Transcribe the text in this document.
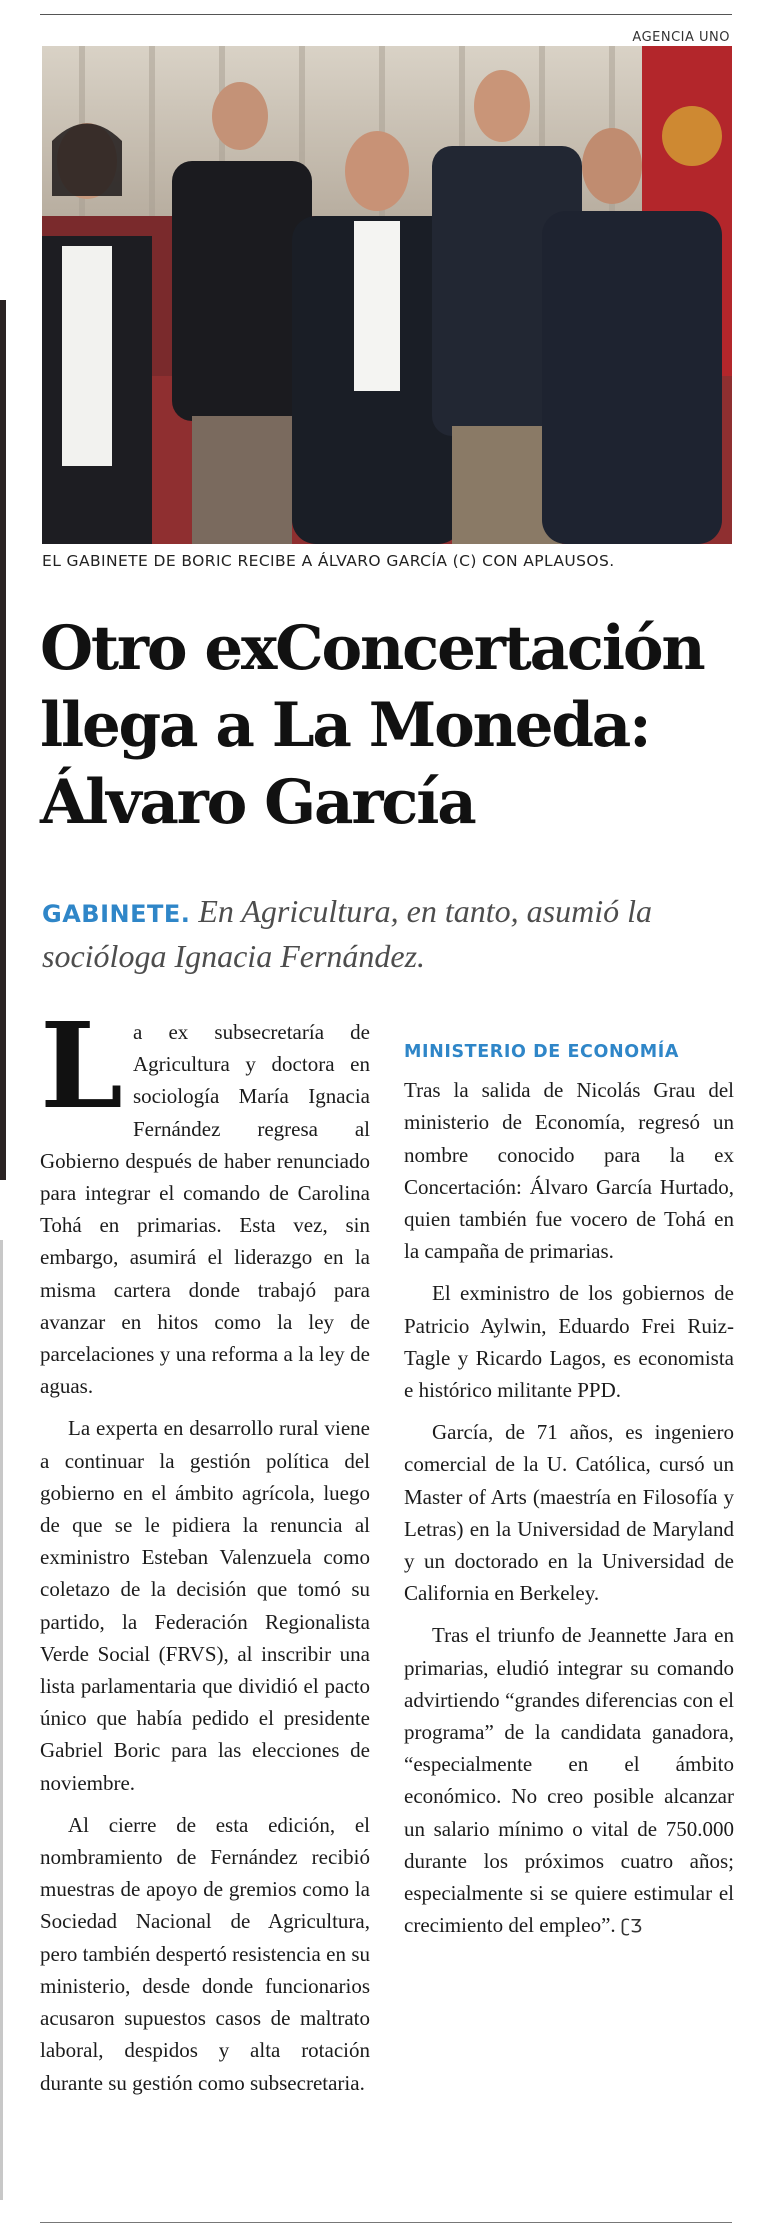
AGENCIA UNO
EL GABINETE DE BORIC RECIBE A ÁLVARO GARCÍA (C) CON APLAUSOS.
Otro exConcertación
llega a La Moneda:
Álvaro García
GABINETE. En Agricultura, en tanto, asumió la socióloga Ignacia Fernández.

La ex subsecretaría de Agricultura y doctora en sociología María Ignacia Fernández regresa al Gobierno después de haber renunciado para integrar el comando de Carolina Tohá en primarias. Esta vez, sin embargo, asumirá el liderazgo en la misma cartera donde trabajó para avanzar en hitos como la ley de parcelaciones y una reforma a la ley de aguas.

La experta en desarrollo rural viene a continuar la gestión política del gobierno en el ámbito agrícola, luego de que se le pidiera la renuncia al exministro Esteban Valenzuela como coletazo de la decisión que tomó su partido, la Federación Regionalista Verde Social (FRVS), al inscribir una lista parlamentaria que dividió el pacto único que había pedido el presidente Gabriel Boric para las elecciones de noviembre.

Al cierre de esta edición, el nombramiento de Fernández recibió muestras de apoyo de gremios como la Sociedad Nacional de Agricultura, pero también despertó resistencia en su ministerio, desde donde funcionarios acusaron supuestos casos de maltrato laboral, despidos y alta rotación durante su gestión como subsecretaria.

MINISTERIO DE ECONOMÍA

Tras la salida de Nicolás Grau del ministerio de Economía, regresó un nombre conocido para la ex Concertación: Álvaro García Hurtado, quien también fue vocero de Tohá en la campaña de primarias.

El exministro de los gobiernos de Patricio Aylwin, Eduardo Frei Ruiz-Tagle y Ricardo Lagos, es economista e histórico militante PPD.

García, de 71 años, es ingeniero comercial de la U. Católica, cursó un Master of Arts (maestría en Filosofía y Letras) en la Universidad de Maryland y un doctorado en la Universidad de California en Berkeley.

Tras el triunfo de Jeannette Jara en primarias, eludió integrar su comando advirtiendo “grandes diferencias con el programa” de la candidata ganadora, “especialmente en el ámbito económico. No creo posible alcanzar un salario mínimo o vital de 750.000 durante los próximos cuatro años; especialmente si se quiere estimular el crecimiento del empleo”. ʗƷ
